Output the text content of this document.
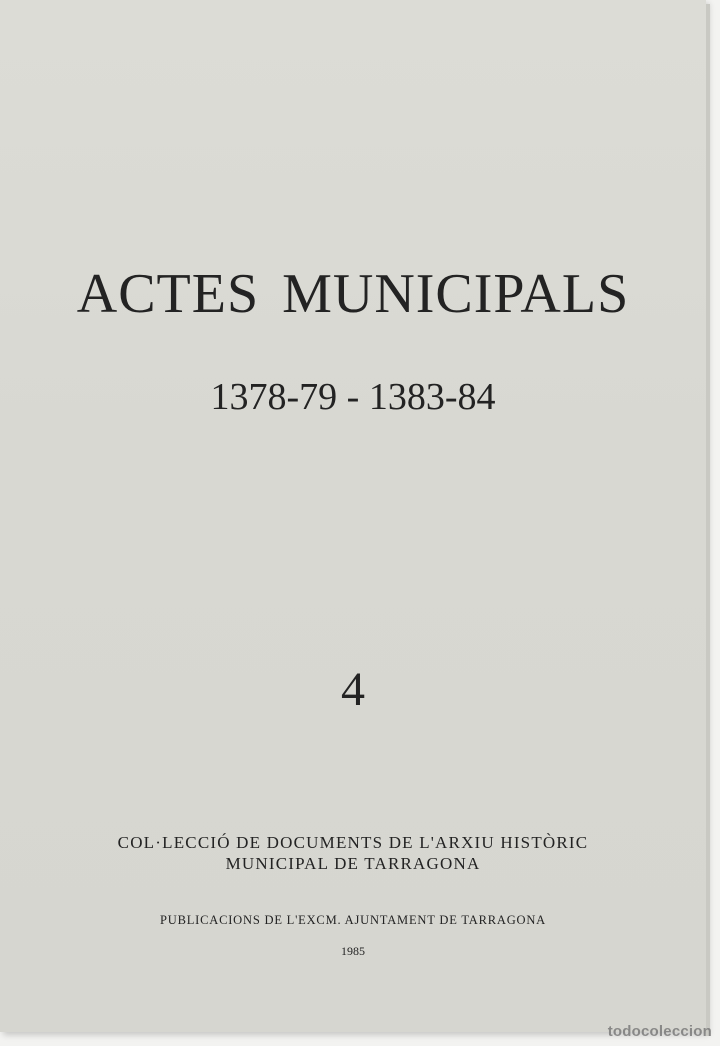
ACTES MUNICIPALS
1378-79 - 1383-84
4
COL·LECCIÓ DE DOCUMENTS DE L'ARXIU HISTÒRIC
MUNICIPAL DE TARRAGONA
PUBLICACIONS DE L'EXCM. AJUNTAMENT DE TARRAGONA
1985
todocoleccion
